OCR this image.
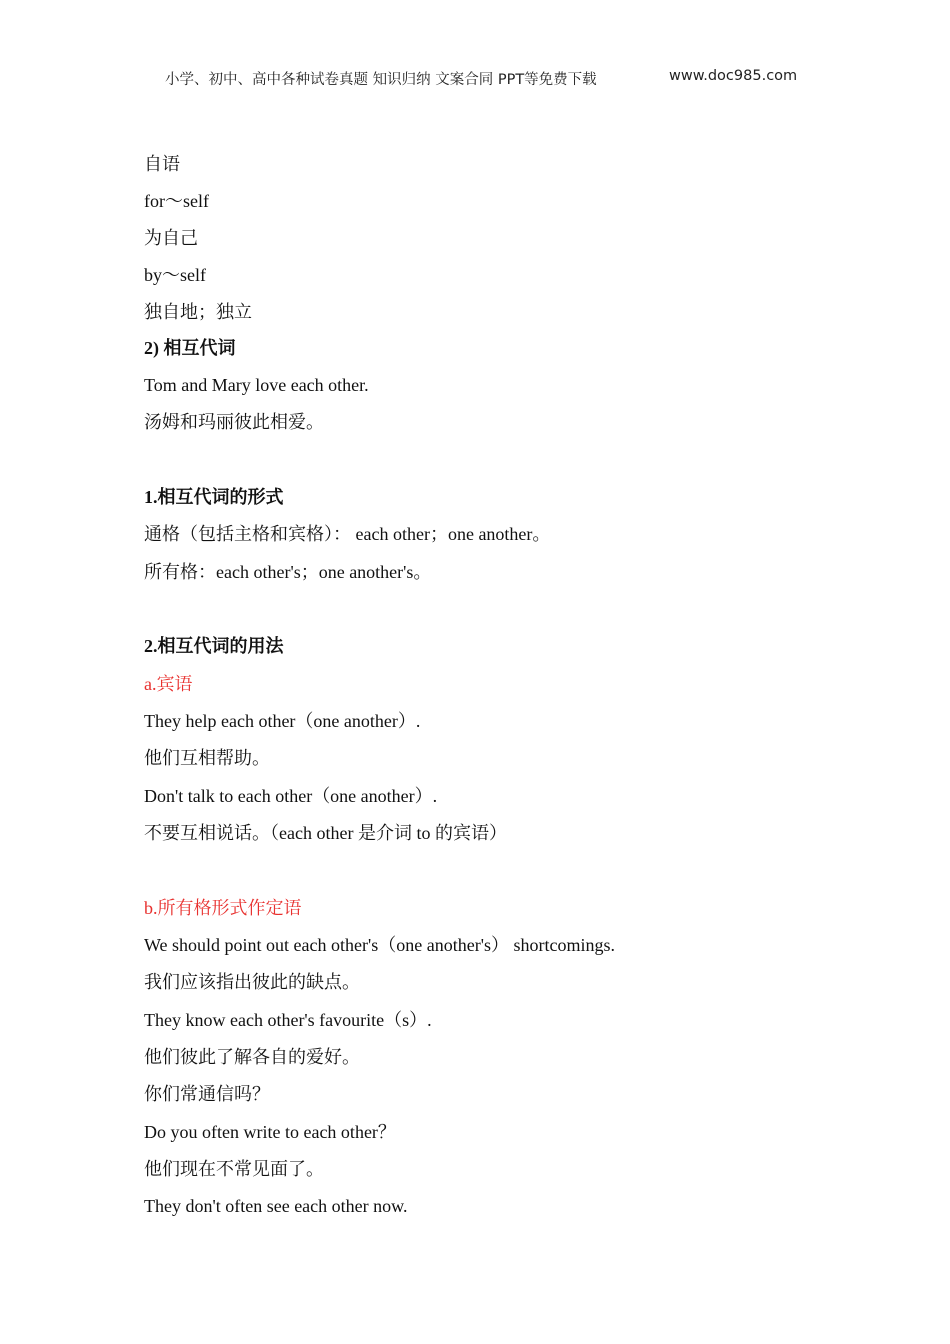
小学、初中、高中各种试卷真题 知识归纳 文案合同 PPT等免费下载	www.doc985.com
自语
for～self
为自己
by～self
独自地；独立
2) 相互代词
Tom and Mary love each other.
汤姆和玛丽彼此相爱。
1.相互代词的形式
通格（包括主格和宾格）： each other；one another。
所有格：each other's；one another's。
2.相互代词的用法
a.宾语
They help each other（one another）.
他们互相帮助。
Don't talk to each other（one another）.
不要互相说话。（each other 是介词 to 的宾语）
b.所有格形式作定语
We should point out each other's（one another's） shortcomings.
我们应该指出彼此的缺点。
They know each other's favourite（s）.
他们彼此了解各自的爱好。
你们常通信吗？
Do you often write to each other？
他们现在不常见面了。
They don't often see each other now.
